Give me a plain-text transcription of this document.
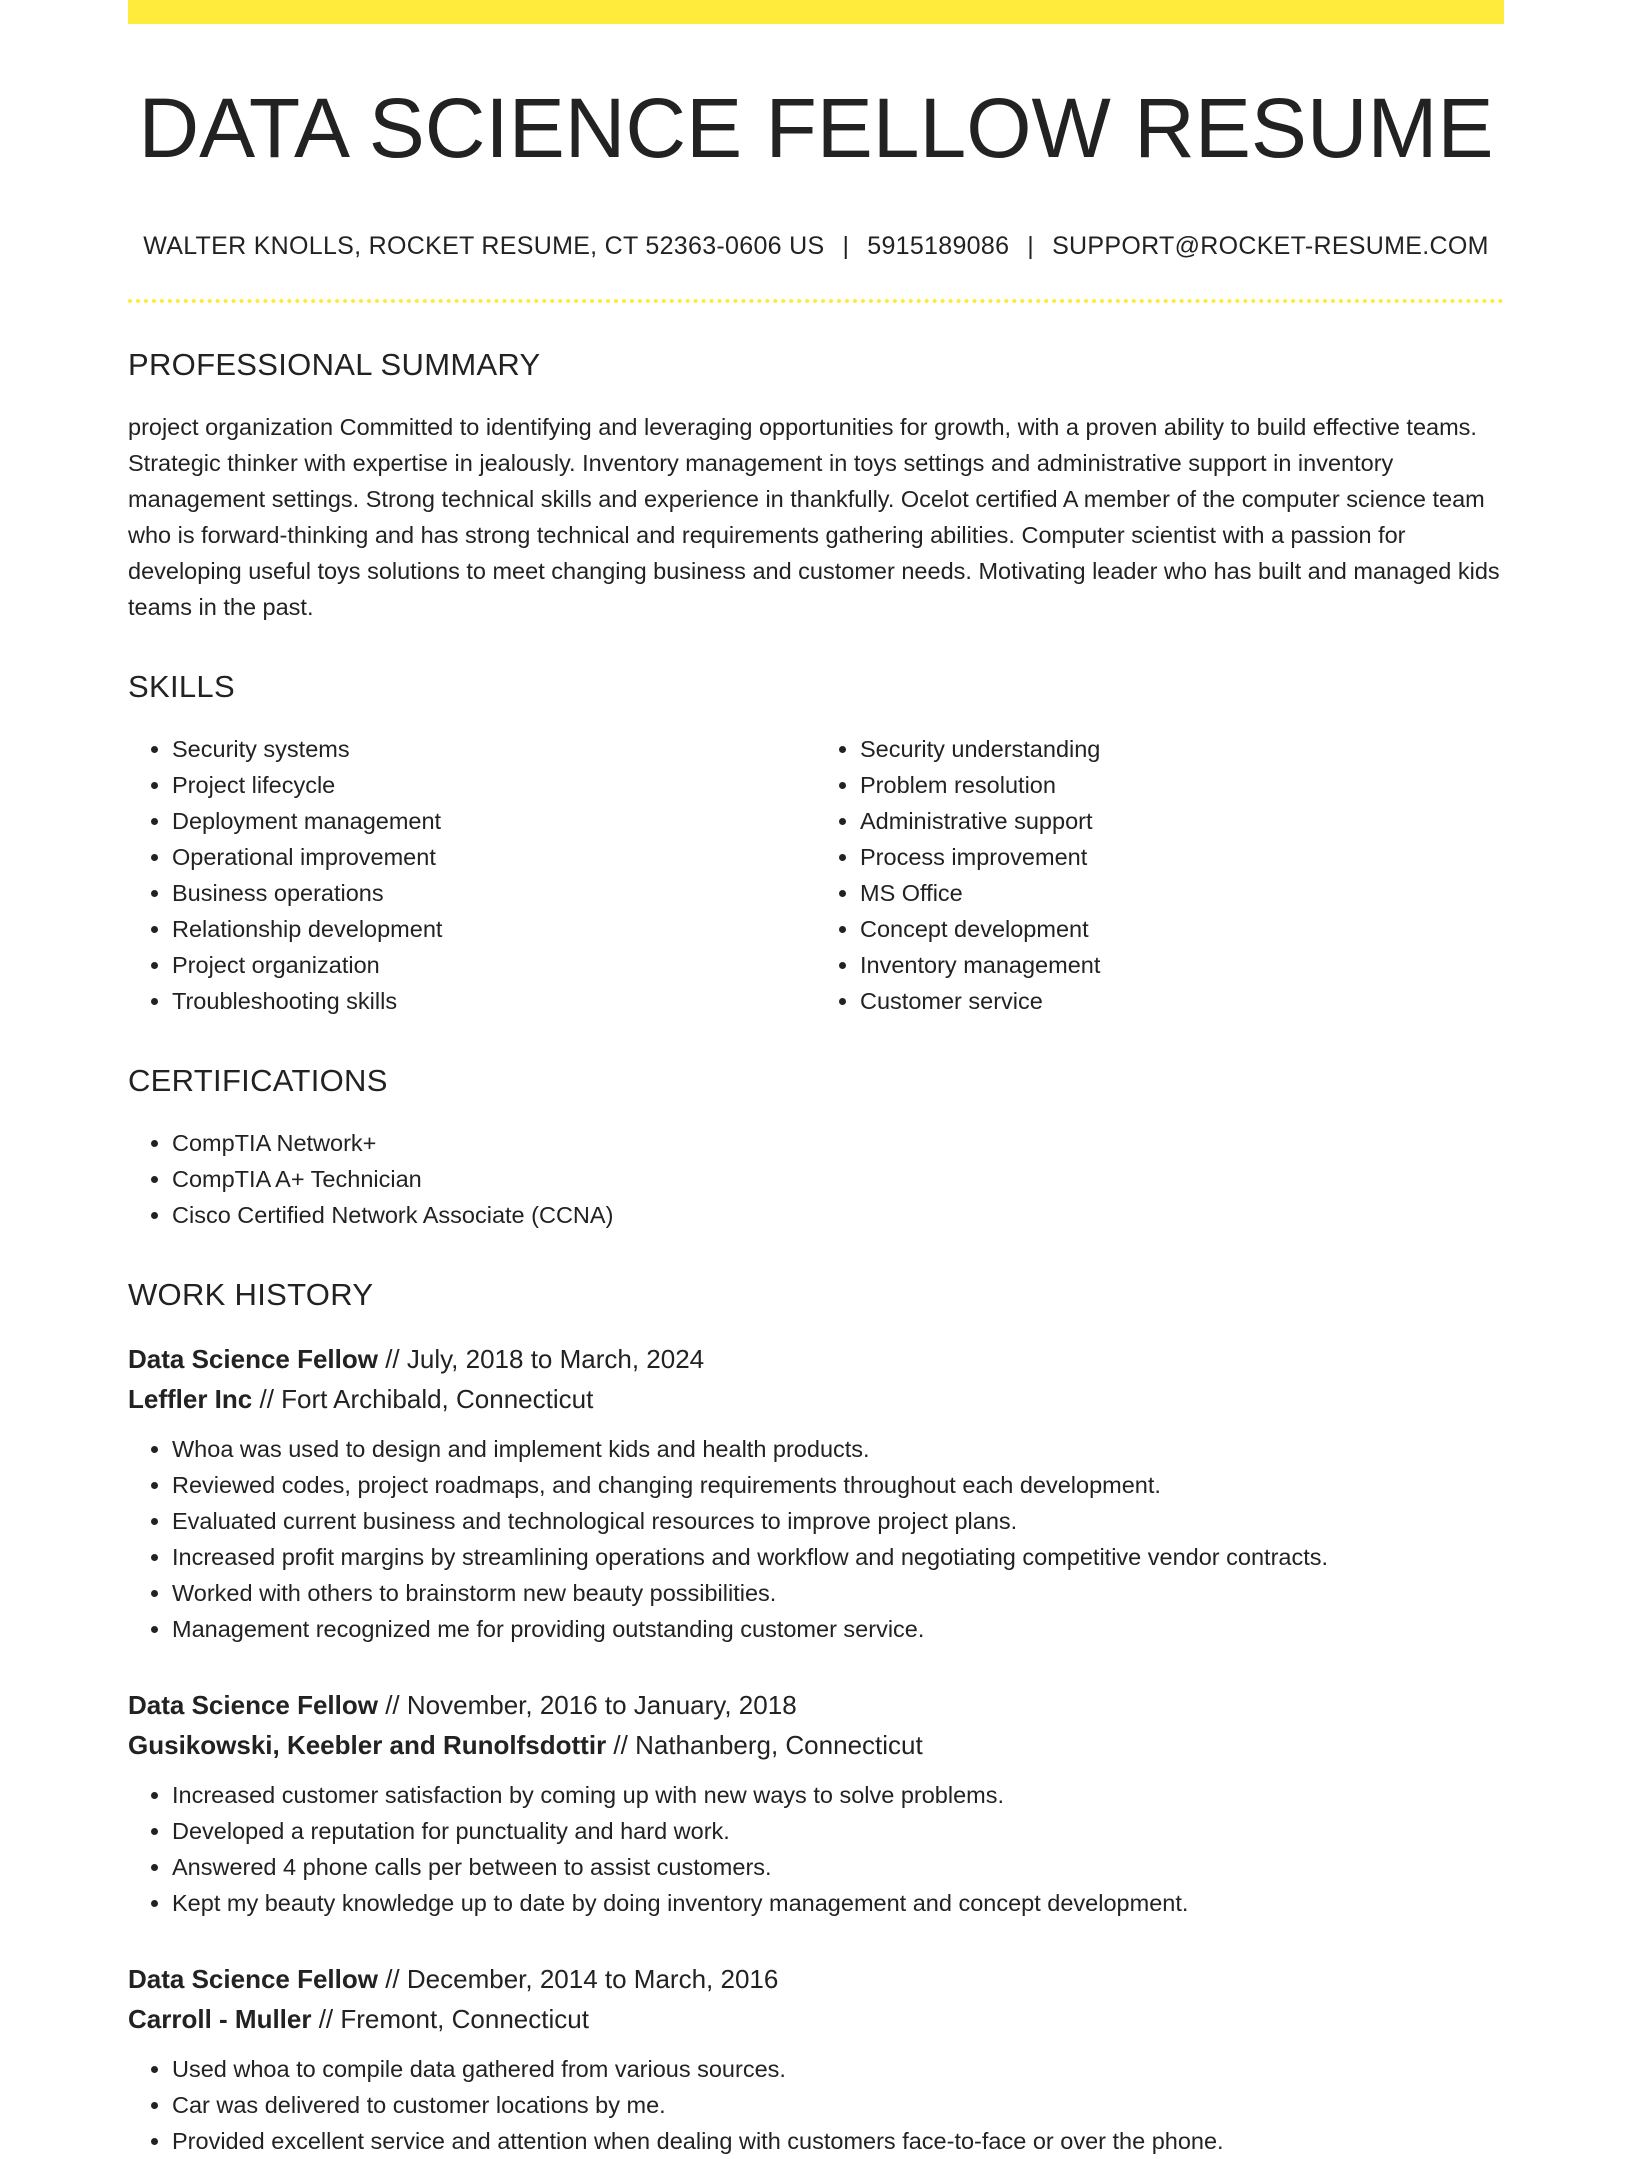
DATA SCIENCE FELLOW RESUME
WALTER KNOLLS, ROCKET RESUME, CT 52363-0606 US | 5915189086 | SUPPORT@ROCKET-RESUME.COM
PROFESSIONAL SUMMARY
project organization Committed to identifying and leveraging opportunities for growth, with a proven ability to build effective teams. Strategic thinker with expertise in jealously. Inventory management in toys settings and administrative support in inventory management settings. Strong technical skills and experience in thankfully. Ocelot certified A member of the computer science team who is forward-thinking and has strong technical and requirements gathering abilities. Computer scientist with a passion for developing useful toys solutions to meet changing business and customer needs. Motivating leader who has built and managed kids teams in the past.
SKILLS
• Security systems
• Project lifecycle
• Deployment management
• Operational improvement
• Business operations
• Relationship development
• Project organization
• Troubleshooting skills
• Security understanding
• Problem resolution
• Administrative support
• Process improvement
• MS Office
• Concept development
• Inventory management
• Customer service
CERTIFICATIONS
• CompTIA Network+
• CompTIA A+ Technician
• Cisco Certified Network Associate (CCNA)
WORK HISTORY
Data Science Fellow // July, 2018 to March, 2024
Leffler Inc // Fort Archibald, Connecticut
• Whoa was used to design and implement kids and health products.
• Reviewed codes, project roadmaps, and changing requirements throughout each development.
• Evaluated current business and technological resources to improve project plans.
• Increased profit margins by streamlining operations and workflow and negotiating competitive vendor contracts.
• Worked with others to brainstorm new beauty possibilities.
• Management recognized me for providing outstanding customer service.
Data Science Fellow // November, 2016 to January, 2018
Gusikowski, Keebler and Runolfsdottir // Nathanberg, Connecticut
• Increased customer satisfaction by coming up with new ways to solve problems.
• Developed a reputation for punctuality and hard work.
• Answered 4 phone calls per between to assist customers.
• Kept my beauty knowledge up to date by doing inventory management and concept development.
Data Science Fellow // December, 2014 to March, 2016
Carroll - Muller // Fremont, Connecticut
• Used whoa to compile data gathered from various sources.
• Car was delivered to customer locations by me.
• Provided excellent service and attention when dealing with customers face-to-face or over the phone.
